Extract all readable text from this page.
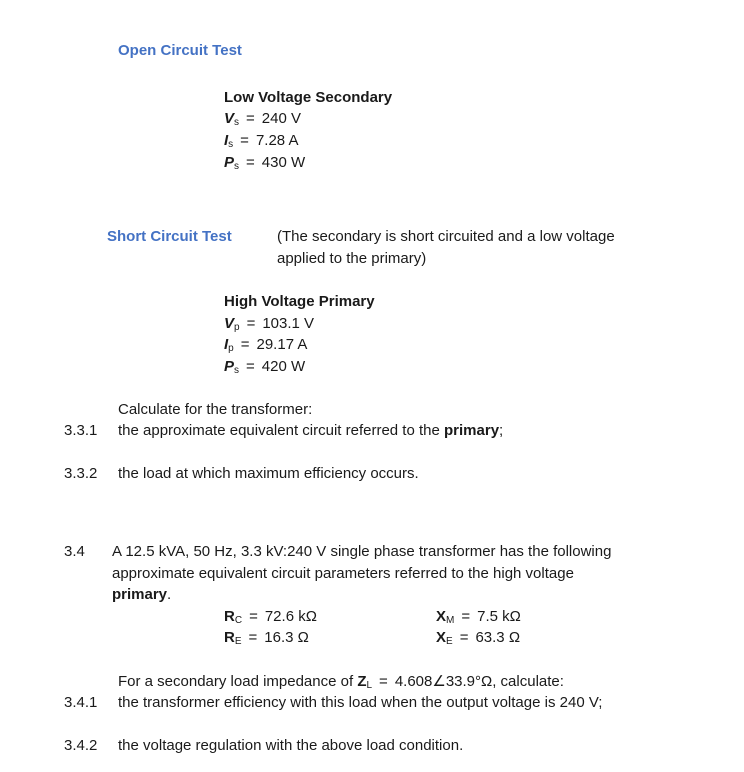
Open Circuit Test
Low Voltage Secondary
$V_s = 240$ V
$I_s = 7.28$ A
$P_s = 430$ W
Short Circuit Test	(The secondary is short circuited and a low voltage
applied to the primary)
High Voltage Primary
$V_p = 103.1$ V
$I_p = 29.17$ A
$P_s = 420$ W
Calculate for the transformer:
3.3.1 the approximate equivalent circuit referred to the primary;
3.3.2 the load at which maximum efficiency occurs.
3.4 A 12.5 kVA, 50 Hz, 3.3 kV:240 V single phase transformer has the following
approximate equivalent circuit parameters referred to the high voltage
primary.
$R_C = 72.6$ kΩ
$R_E = 16.3$ Ω
$X_M = 7.5$ kΩ
$X_E = 63.3$ Ω
For a secondary load impedance of $Z_L$ = 4.608∠33.9°Ω, calculate:
3.4.1 the transformer efficiency with this load when the output voltage is 240 V;
3.4.2 the voltage regulation with the above load condition.
